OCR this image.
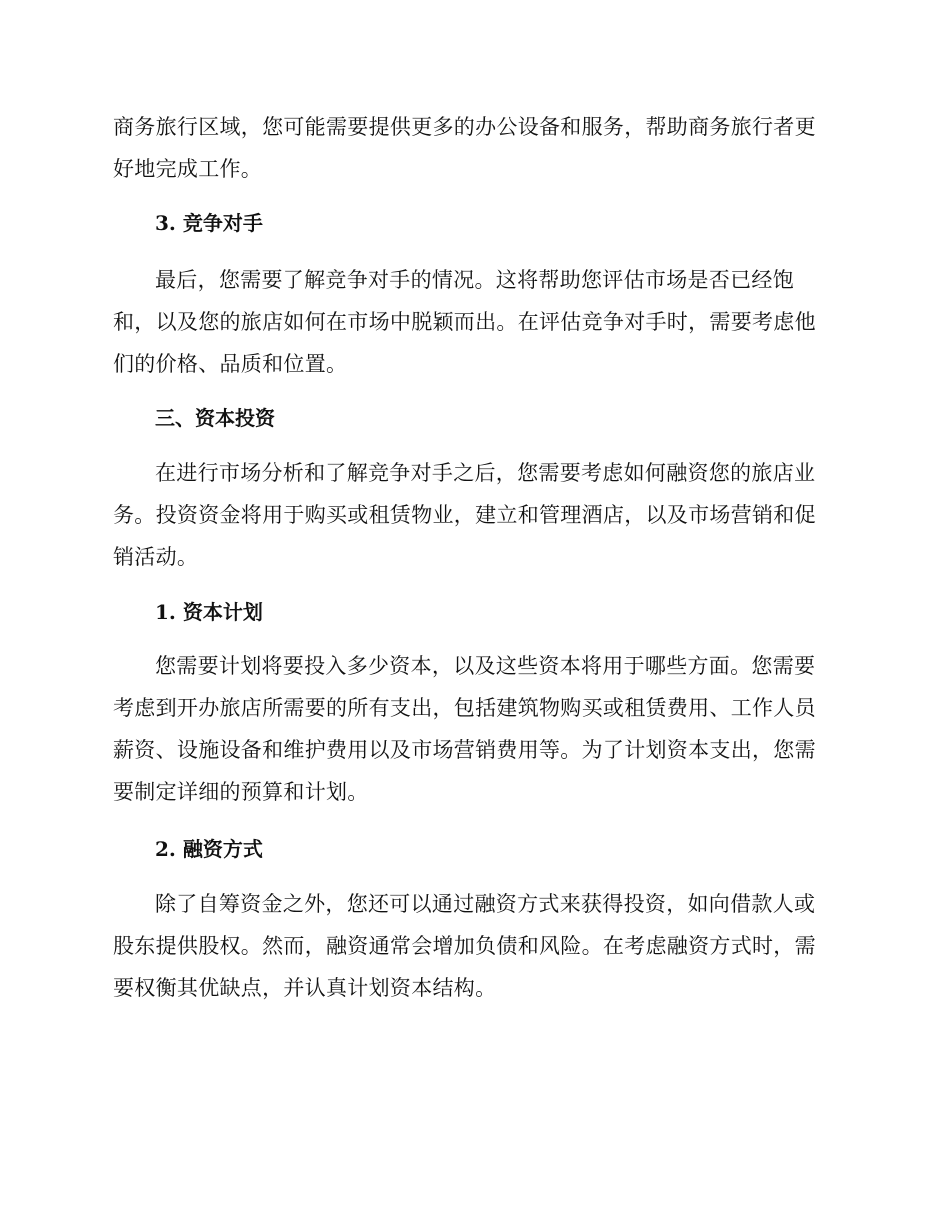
商务旅行区域，您可能需要提供更多的办公设备和服务，帮助商务旅行者更
好地完成工作。
3. 竞争对手
最后，您需要了解竞争对手的情况。这将帮助您评估市场是否已经饱
和，以及您的旅店如何在市场中脱颖而出。在评估竞争对手时，需要考虑他
们的价格、品质和位置。
三、资本投资
在进行市场分析和了解竞争对手之后，您需要考虑如何融资您的旅店业
务。投资资金将用于购买或租赁物业，建立和管理酒店，以及市场营销和促
销活动。
1. 资本计划
您需要计划将要投入多少资本，以及这些资本将用于哪些方面。您需要
考虑到开办旅店所需要的所有支出，包括建筑物购买或租赁费用、工作人员
薪资、设施设备和维护费用以及市场营销费用等。为了计划资本支出，您需
要制定详细的预算和计划。
2. 融资方式
除了自筹资金之外，您还可以通过融资方式来获得投资，如向借款人或
股东提供股权。然而，融资通常会增加负债和风险。在考虑融资方式时，需
要权衡其优缺点，并认真计划资本结构。
